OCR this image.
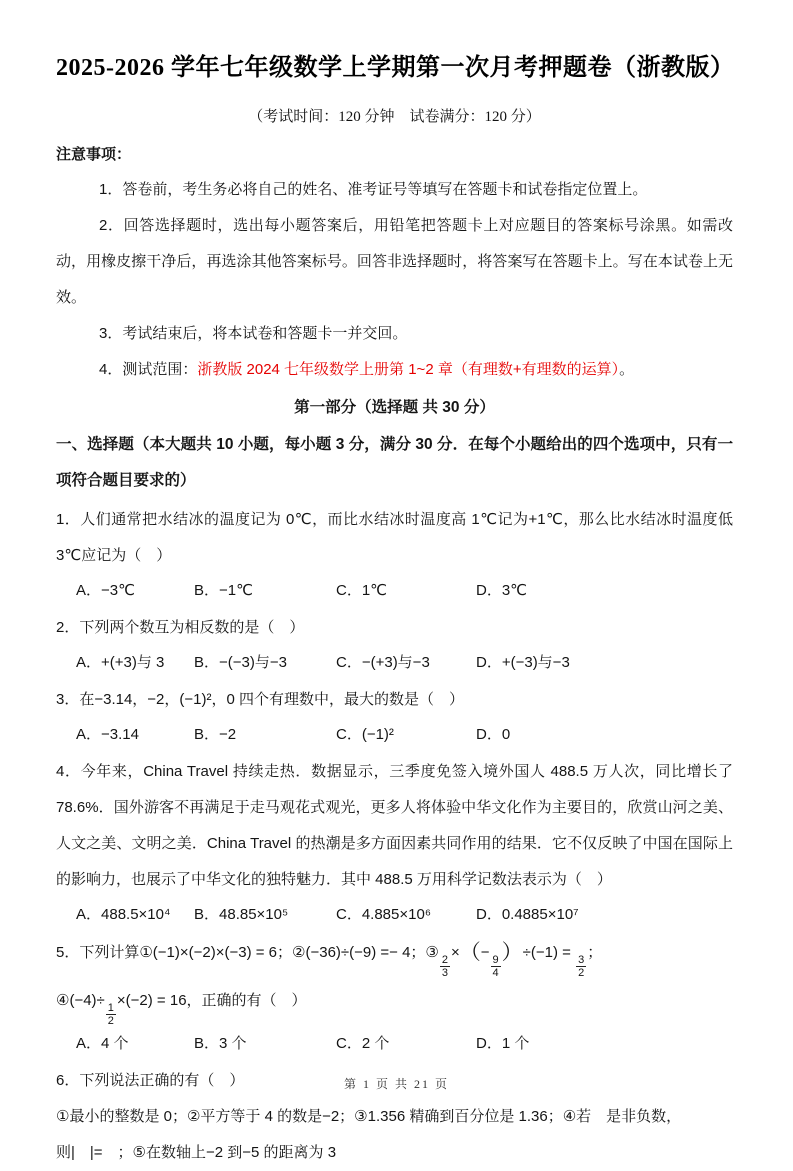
2025-2026 学年七年级数学上学期第一次月考押题卷（浙教版）
（考试时间：120 分钟　试卷满分：120 分）
注意事项：
1．答卷前，考生务必将自己的姓名、准考证号等填写在答题卡和试卷指定位置上。
2．回答选择题时，选出每小题答案后，用铅笔把答题卡上对应题目的答案标号涂黑。如需改动，用橡皮擦干净后，再选涂其他答案标号。回答非选择题时，将答案写在答题卡上。写在本试卷上无效。
3．考试结束后，将本试卷和答题卡一并交回。
4．测试范围：浙教版 2024 七年级数学上册第 1~2 章（有理数+有理数的运算）。
第一部分（选择题 共 30 分）
一、选择题（本大题共 10 小题，每小题 3 分，满分 30 分．在每个小题给出的四个选项中，只有一项符合题目要求的）
1．人们通常把水结冰的温度记为 0℃，而比水结冰时温度高 1℃记为+1℃，那么比水结冰时温度低 3℃应记为（　）
A．−3℃	B．−1℃	C．1℃	D．3℃
2．下列两个数互为相反数的是（　）
A．+(+3)与 3	B．−(−3)与−3	C．−(+3)与−3	D．+(−3)与−3
3．在−3.14，−2，(−1)²，0 四个有理数中，最大的数是（　）
A．−3.14	B．−2	C．(−1)²	D．0
4．今年来，China Travel 持续走热．数据显示，三季度免签入境外国人 488.5 万人次，同比增长了 78.6%．国外游客不再满足于走马观花式观光，更多人将体验中华文化作为主要目的，欣赏山河之美、人文之美、文明之美．China Travel 的热潮是多方面因素共同作用的结果．它不仅反映了中国在国际上的影响力，也展示了中华文化的独特魅力．其中 488.5 万用科学记数法表示为（　）
A．488.5×10⁴	B．48.85×10⁵	C．4.885×10⁶	D．0.4885×10⁷
5．下列计算①(−1)×(−2)×(−3) = 6；②(−36)÷(−9) =− 4；③
$\frac{2}{3}$
×（−
$\frac{9}{4}$
）÷(−1) =
$\frac{3}{2}$
；
④(−4)÷
$\frac{1}{2}$
×(−2) = 16，正确的有（　）
A．4 个	B．3 个	C．2 个	D．1 个
6．下列说法正确的有（　）
①最小的整数是 0；②平方等于 4 的数是−2；③1.356 精确到百分位是 1.36；④若　是非负数，
则|　|=　；⑤在数轴上−2 到−5 的距离为 3
第 1 页 共 21 页
